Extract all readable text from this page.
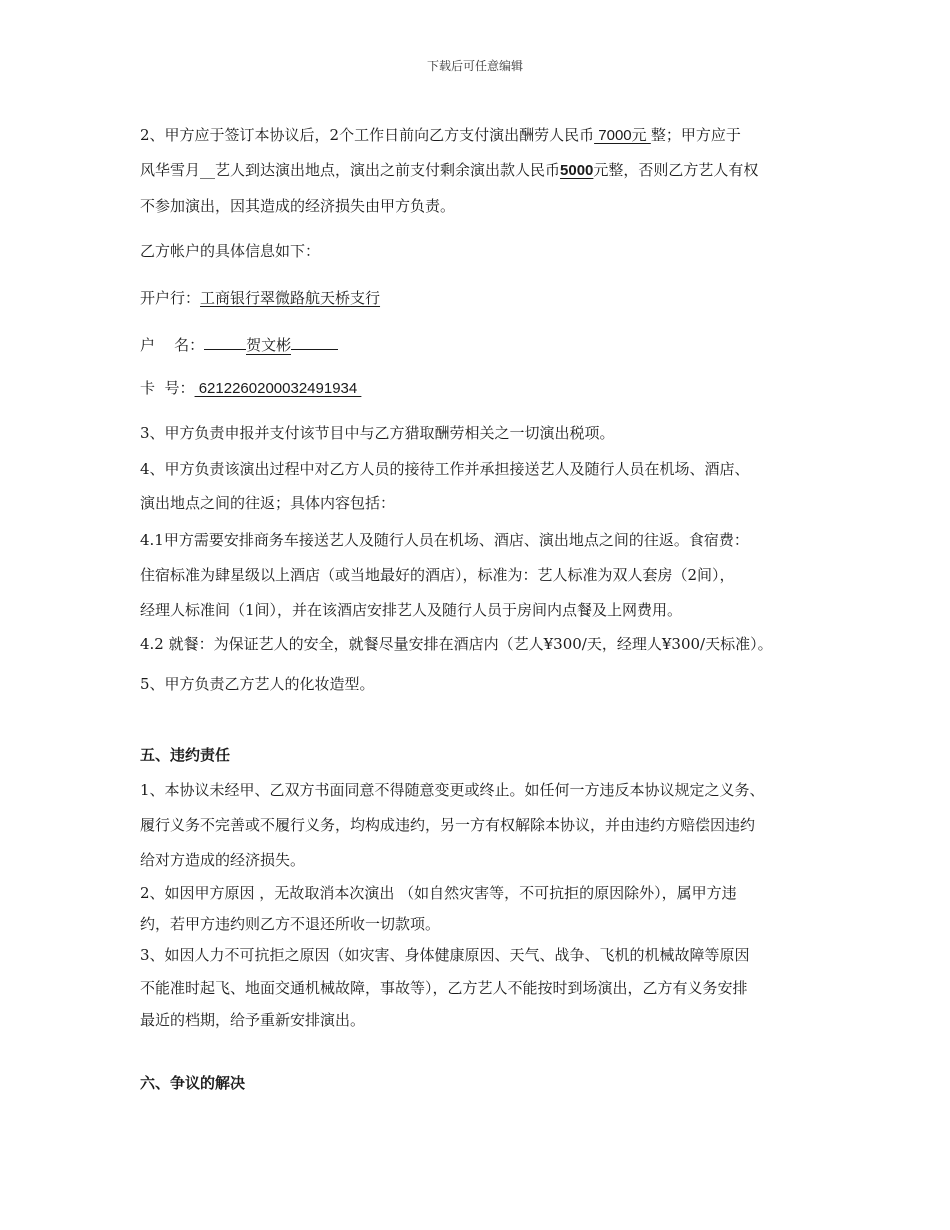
下载后可任意编辑
2、甲方应于签订本协议后，2个工作日前向乙方支付演出酬劳人民币 7000元 整；甲方应于
风华雪月__艺人到达演出地点，演出之前支付剩余演出款人民币5000元整，否则乙方艺人有权
不参加演出，因其造成的经济损失由甲方负责。
乙方帐户的具体信息如下：
开户行：工商银行翠微路航天桥支行
户    名：	贺文彬
卡  号： 6212260200032491934
3、甲方负责申报并支付该节目中与乙方猎取酬劳相关之一切演出税项。
4、甲方负责该演出过程中对乙方人员的接待工作并承担接送艺人及随行人员在机场、酒店、
演出地点之间的往返；具体内容包括：
4.1甲方需要安排商务车接送艺人及随行人员在机场、酒店、演出地点之间的往返。食宿费：
住宿标准为肆星级以上酒店（或当地最好的酒店），标准为：艺人标准为双人套房（2间），
经理人标准间（1间），并在该酒店安排艺人及随行人员于房间内点餐及上网费用。
4.2 就餐：为保证艺人的安全，就餐尽量安排在酒店内（艺人¥300/天，经理人¥300/天标准）。
5、甲方负责乙方艺人的化妆造型。
五、违约责任
1、本协议未经甲、乙双方书面同意不得随意变更或终止。如任何一方违反本协议规定之义务、
履行义务不完善或不履行义务，均构成违约，另一方有权解除本协议，并由违约方赔偿因违约
给对方造成的经济损失。
2、如因甲方原因 ，无故取消本次演出 （如自然灾害等，不可抗拒的原因除外），属甲方违
约，若甲方违约则乙方不退还所收一切款项。
3、如因人力不可抗拒之原因（如灾害、身体健康原因、天气、战争、飞机的机械故障等原因
不能准时起飞、地面交通机械故障，事故等），乙方艺人不能按时到场演出，乙方有义务安排
最近的档期，给予重新安排演出。
六、争议的解决
